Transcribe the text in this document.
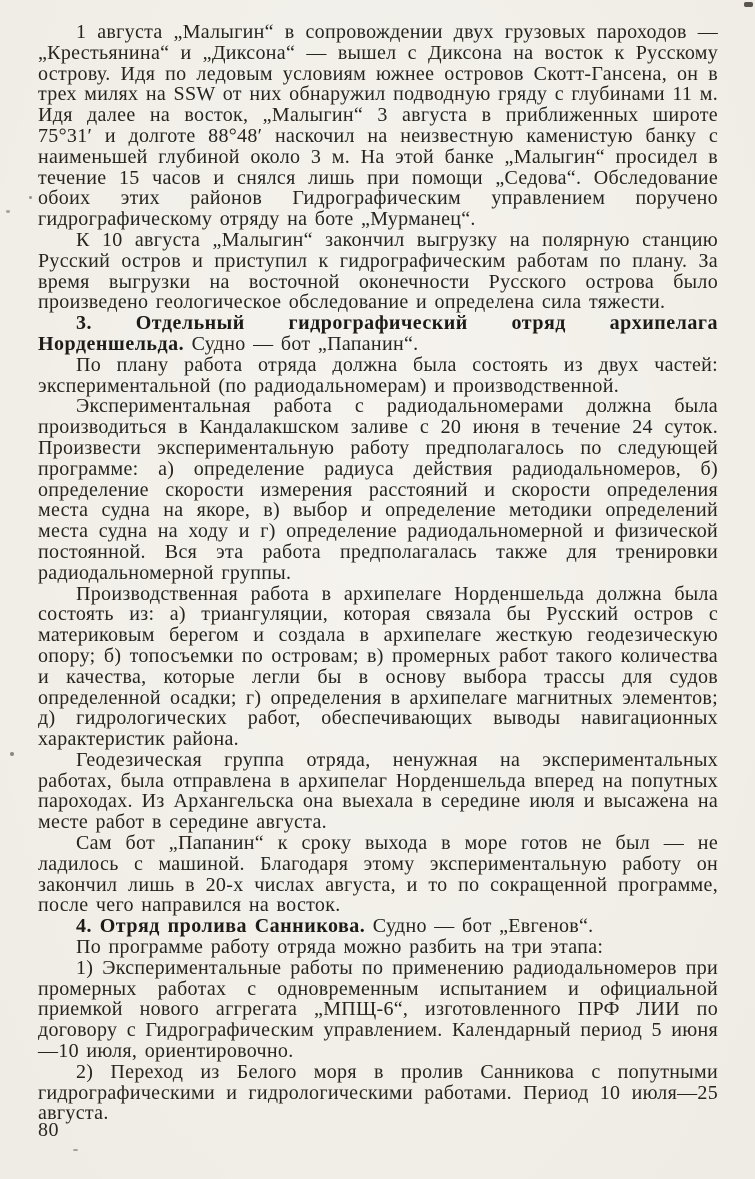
1 августа „Малыгин“ в сопровождении двух грузовых пароходов — „Крестьянина“ и „Диксона“ — вышел с Диксона на восток к Русскому острову. Идя по ледовым условиям южнее островов Скотт-Гансена, он в трех милях на SSW от них обнаружил подводную гряду с глубинами 11 м. Идя далее на восток, „Малыгин“ 3 августа в приближенных широте 75°31′ и долготе 88°48′ наскочил на неизвестную каменистую банку с наименьшей глубиной около 3 м. На этой банке „Малыгин“ просидел в течение 15 часов и снялся лишь при помощи „Седова“. Обследование обоих этих районов Гидрографическим управлением поручено гидрографическому отряду на боте „Мурманец“.

К 10 августа „Малыгин“ закончил выгрузку на полярную станцию Русский остров и приступил к гидрографическим работам по плану. За время выгрузки на восточной оконечности Русского острова было произведено геологическое обследование и определена сила тяжести.

3. Отдельный гидрографический отряд архипелага Норденшельда. Судно — бот „Папанин“.

По плану работа отряда должна была состоять из двух частей: экспериментальной (по радиодальномерам) и производственной.

Экспериментальная работа с радиодальномерами должна была производиться в Кандалакшском заливе с 20 июня в течение 24 суток. Произвести экспериментальную работу предполагалось по следующей программе: а) определение радиуса действия радиодальномеров, б) определение скорости измерения расстояний и скорости определения места судна на якоре, в) выбор и определение методики определений места судна на ходу и г) определение радиодальномерной и физической постоянной. Вся эта работа предполагалась также для тренировки радиодальномерной группы.

Производственная работа в архипелаге Норденшельда должна была состоять из: а) триангуляции, которая связала бы Русский остров с материковым берегом и создала в архипелаге жесткую геодезическую опору; б) топосъемки по островам; в) промерных работ такого количества и качества, которые легли бы в основу выбора трассы для судов определенной осадки; г) определения в архипелаге магнитных элементов; д) гидрологических работ, обеспечивающих выводы навигационных характеристик района.

Геодезическая группа отряда, ненужная на экспериментальных работах, была отправлена в архипелаг Норденшельда вперед на попутных пароходах. Из Архангельска она выехала в середине июля и высажена на месте работ в середине августа.

Сам бот „Папанин“ к сроку выхода в море готов не был — не ладилось с машиной. Благодаря этому экспериментальную работу он закончил лишь в 20-х числах августа, и то по сокращенной программе, после чего направился на восток.

4. Отряд пролива Санникова. Судно — бот „Евгенов“.

По программе работу отряда можно разбить на три этапа:

1) Экспериментальные работы по применению радиодальномеров при промерных работах с одновременным испытанием и официальной приемкой нового аггрегата „МПЩ-6“, изготовленного ПРФ ЛИИ по договору с Гидрографическим управлением. Календарный период 5 июня—10 июля, ориентировочно.

2) Переход из Белого моря в пролив Санникова с попутными гидрографическими и гидрологическими работами. Период 10 июля—25 августа.

80
